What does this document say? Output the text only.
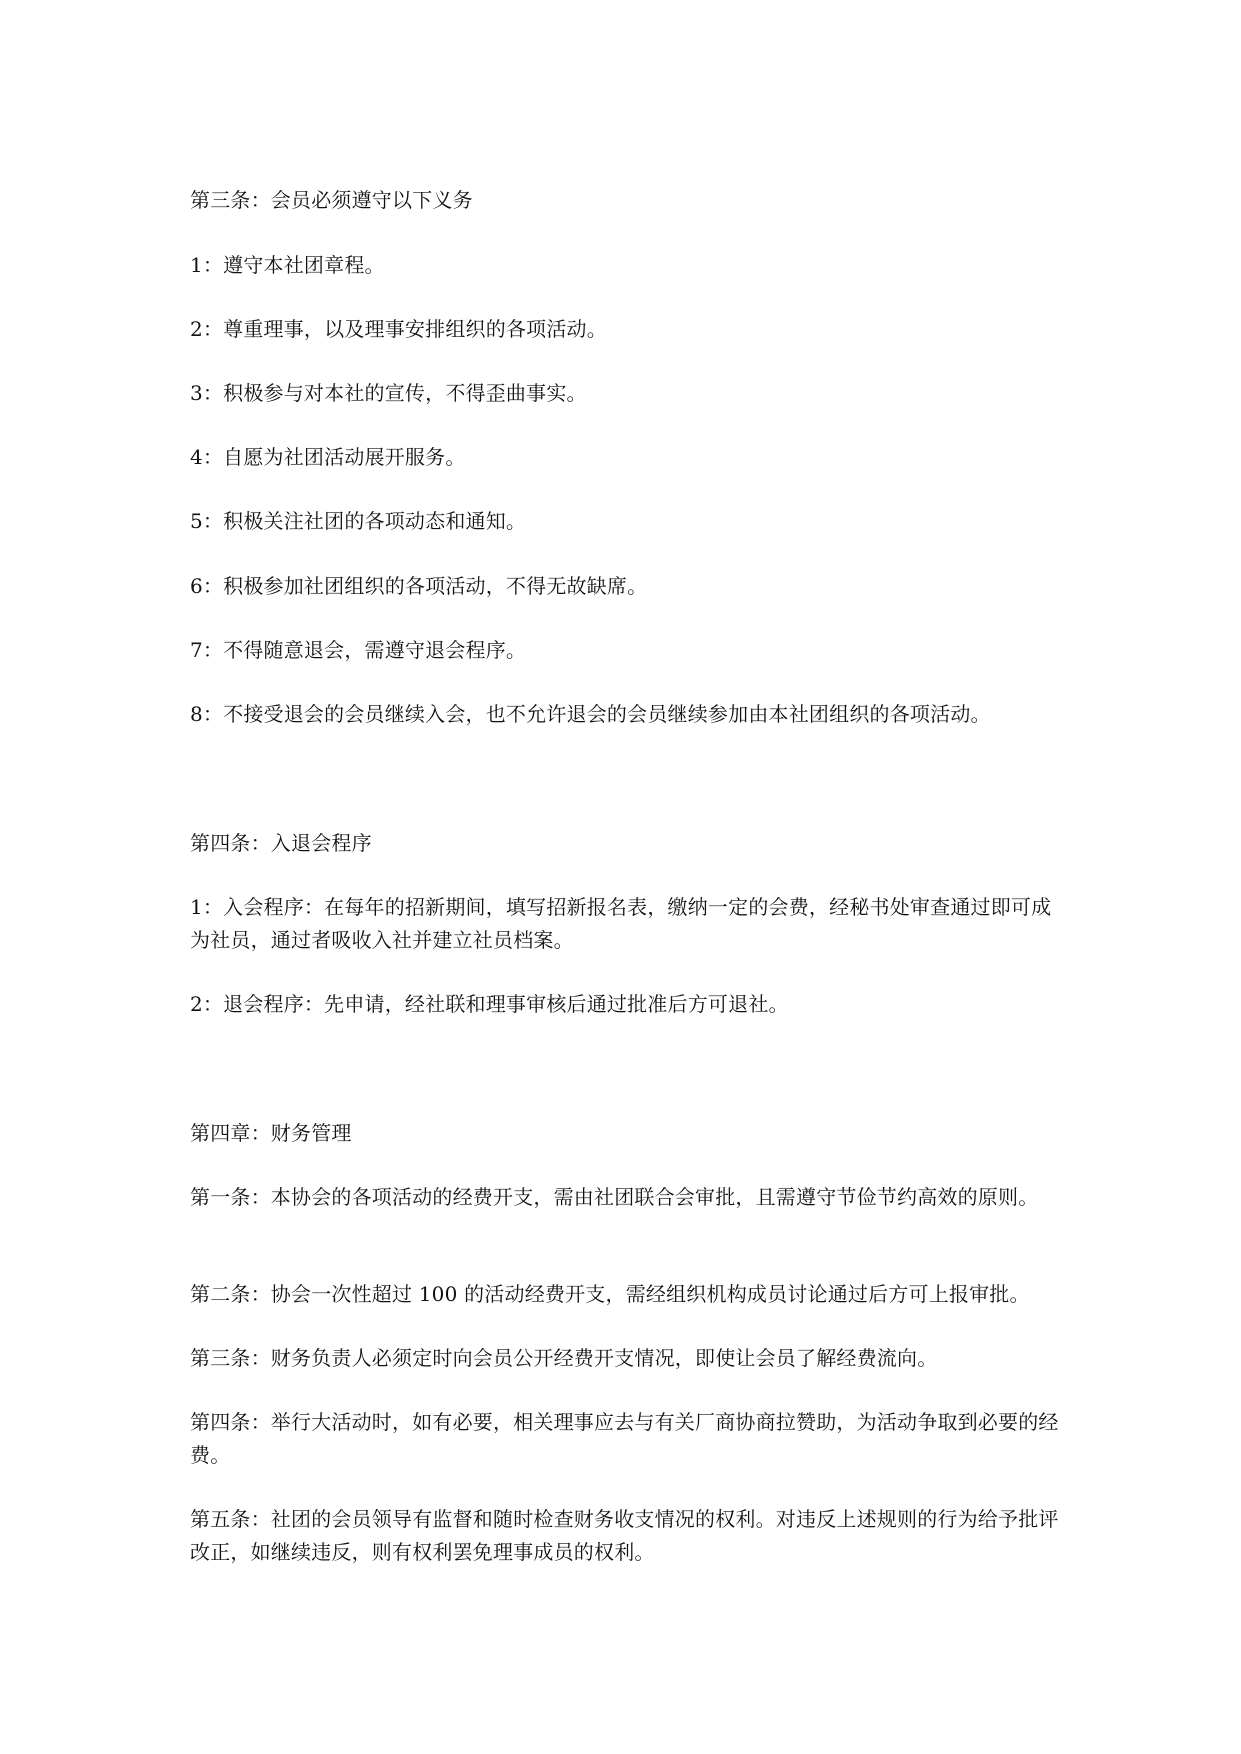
第三条：会员必须遵守以下义务

1：遵守本社团章程。

2：尊重理事，以及理事安排组织的各项活动。

3：积极参与对本社的宣传，不得歪曲事实。

4：自愿为社团活动展开服务。

5：积极关注社团的各项动态和通知。

6：积极参加社团组织的各项活动，不得无故缺席。

7：不得随意退会，需遵守退会程序。

8：不接受退会的会员继续入会，也不允许退会的会员继续参加由本社团组织的各项活动。

第四条：入退会程序

1：入会程序：在每年的招新期间，填写招新报名表，缴纳一定的会费，经秘书处审查通过即可成为社员，通过者吸收入社并建立社员档案。

2：退会程序：先申请，经社联和理事审核后通过批准后方可退社。

第四章：财务管理

第一条：本协会的各项活动的经费开支，需由社团联合会审批，且需遵守节俭节约高效的原则。

第二条：协会一次性超过 100 的活动经费开支，需经组织机构成员讨论通过后方可上报审批。

第三条：财务负责人必须定时向会员公开经费开支情况，即使让会员了解经费流向。

第四条：举行大活动时，如有必要，相关理事应去与有关厂商协商拉赞助，为活动争取到必要的经费。

第五条：社团的会员领导有监督和随时检查财务收支情况的权利。对违反上述规则的行为给予批评改正，如继续违反，则有权利罢免理事成员的权利。
